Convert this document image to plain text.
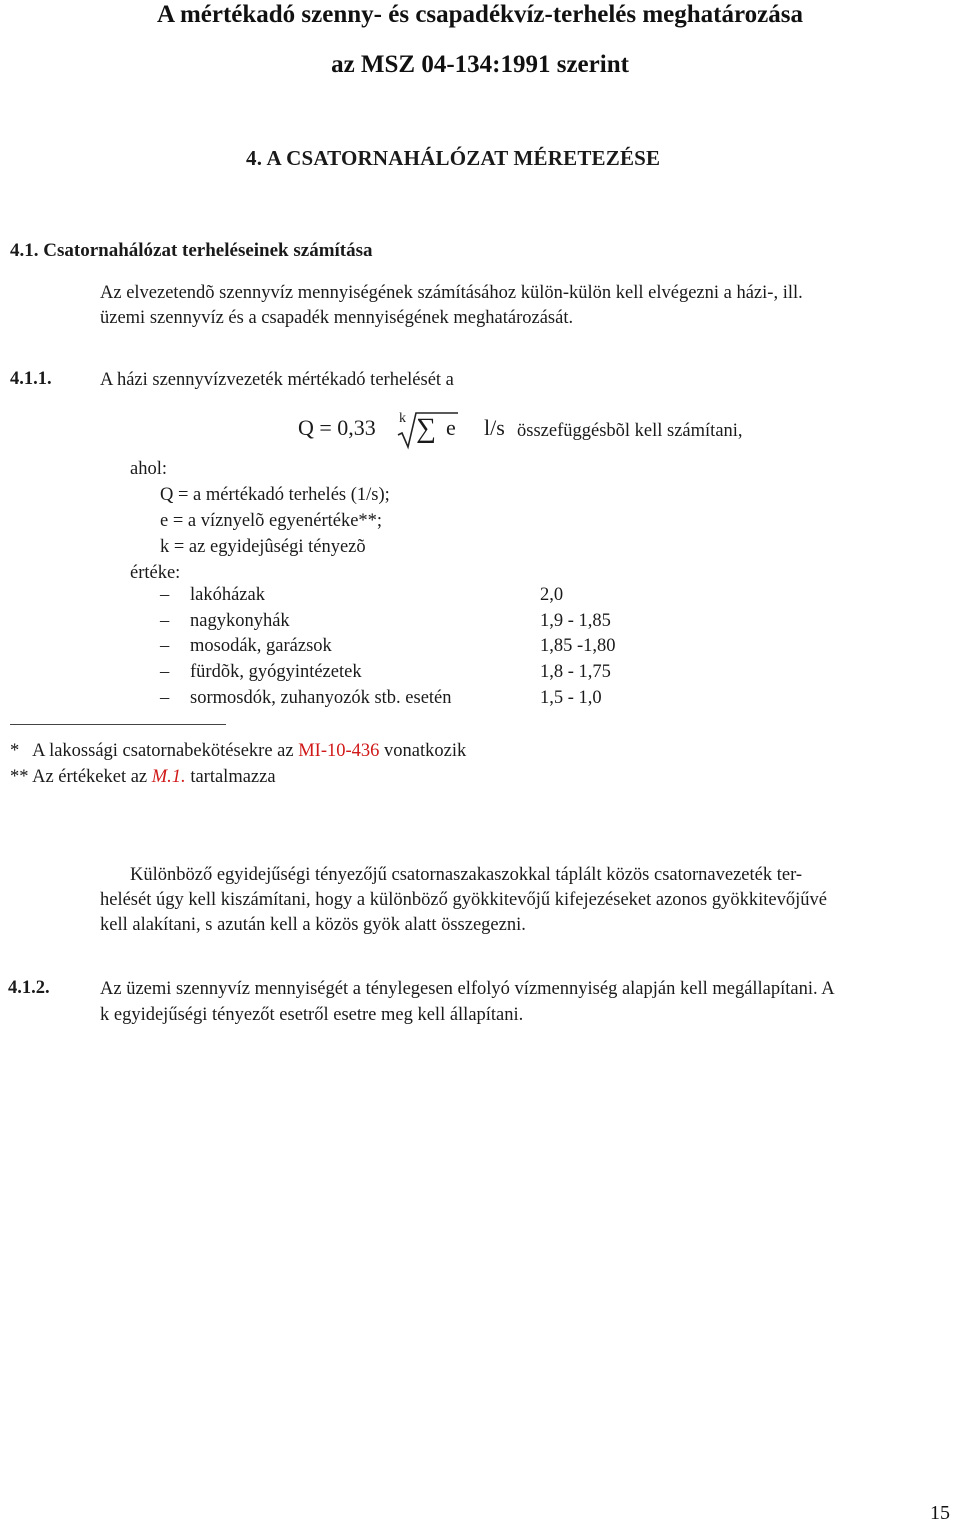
A mértékadó szenny- és csapadékvíz-terhelés meghatározása
az MSZ 04-134:1991 szerint
4. A CSATORNAHÁLÓZAT MÉRETEZÉSE
4.1. Csatornahálózat terheléseinek számítása
Az elvezetendõ szennyvíz mennyiségének számításához külön-külön kell elvégezni a házi-, ill.
üzemi szennyvíz és a csapadék mennyiségének meghatározását.
4.1.1.	A házi szennyvízvezeték mértékadó terhelését a
Q = 0,33 k ∑ e l/s összefüggésbõl kell számítani,
ahol:
Q = a mértékadó terhelés (1/s);
e = a víznyelõ egyenértéke**;
k = az egyidejûségi tényezõ
értéke:
– lakóházak	2,0
– nagykonyhák	1,9 - 1,85
– mosodák, garázsok	1,85 -1,80
– fürdõk, gyógyintézetek	1,8 - 1,75
– sormosdók, zuhanyozók stb. esetén	1,5 - 1,0
* A lakossági csatornabekötésekre az MI-10-436 vonatkozik
** Az értékeket az M.1. tartalmazza
Különböző egyidejűségi tényezőjű csatornaszakaszokkal táplált közös csatornavezeték ter-
helését úgy kell kiszámítani, hogy a különböző gyökkitevőjű kifejezéseket azonos gyökkitevőjűvé
kell alakítani, s azután kell a közös gyök alatt összegezni.
4.1.2.	Az üzemi szennyvíz mennyiségét a ténylegesen elfolyó vízmennyiség alapján kell megállapítani. A
k egyidejűségi tényezőt esetről esetre meg kell állapítani.
15
